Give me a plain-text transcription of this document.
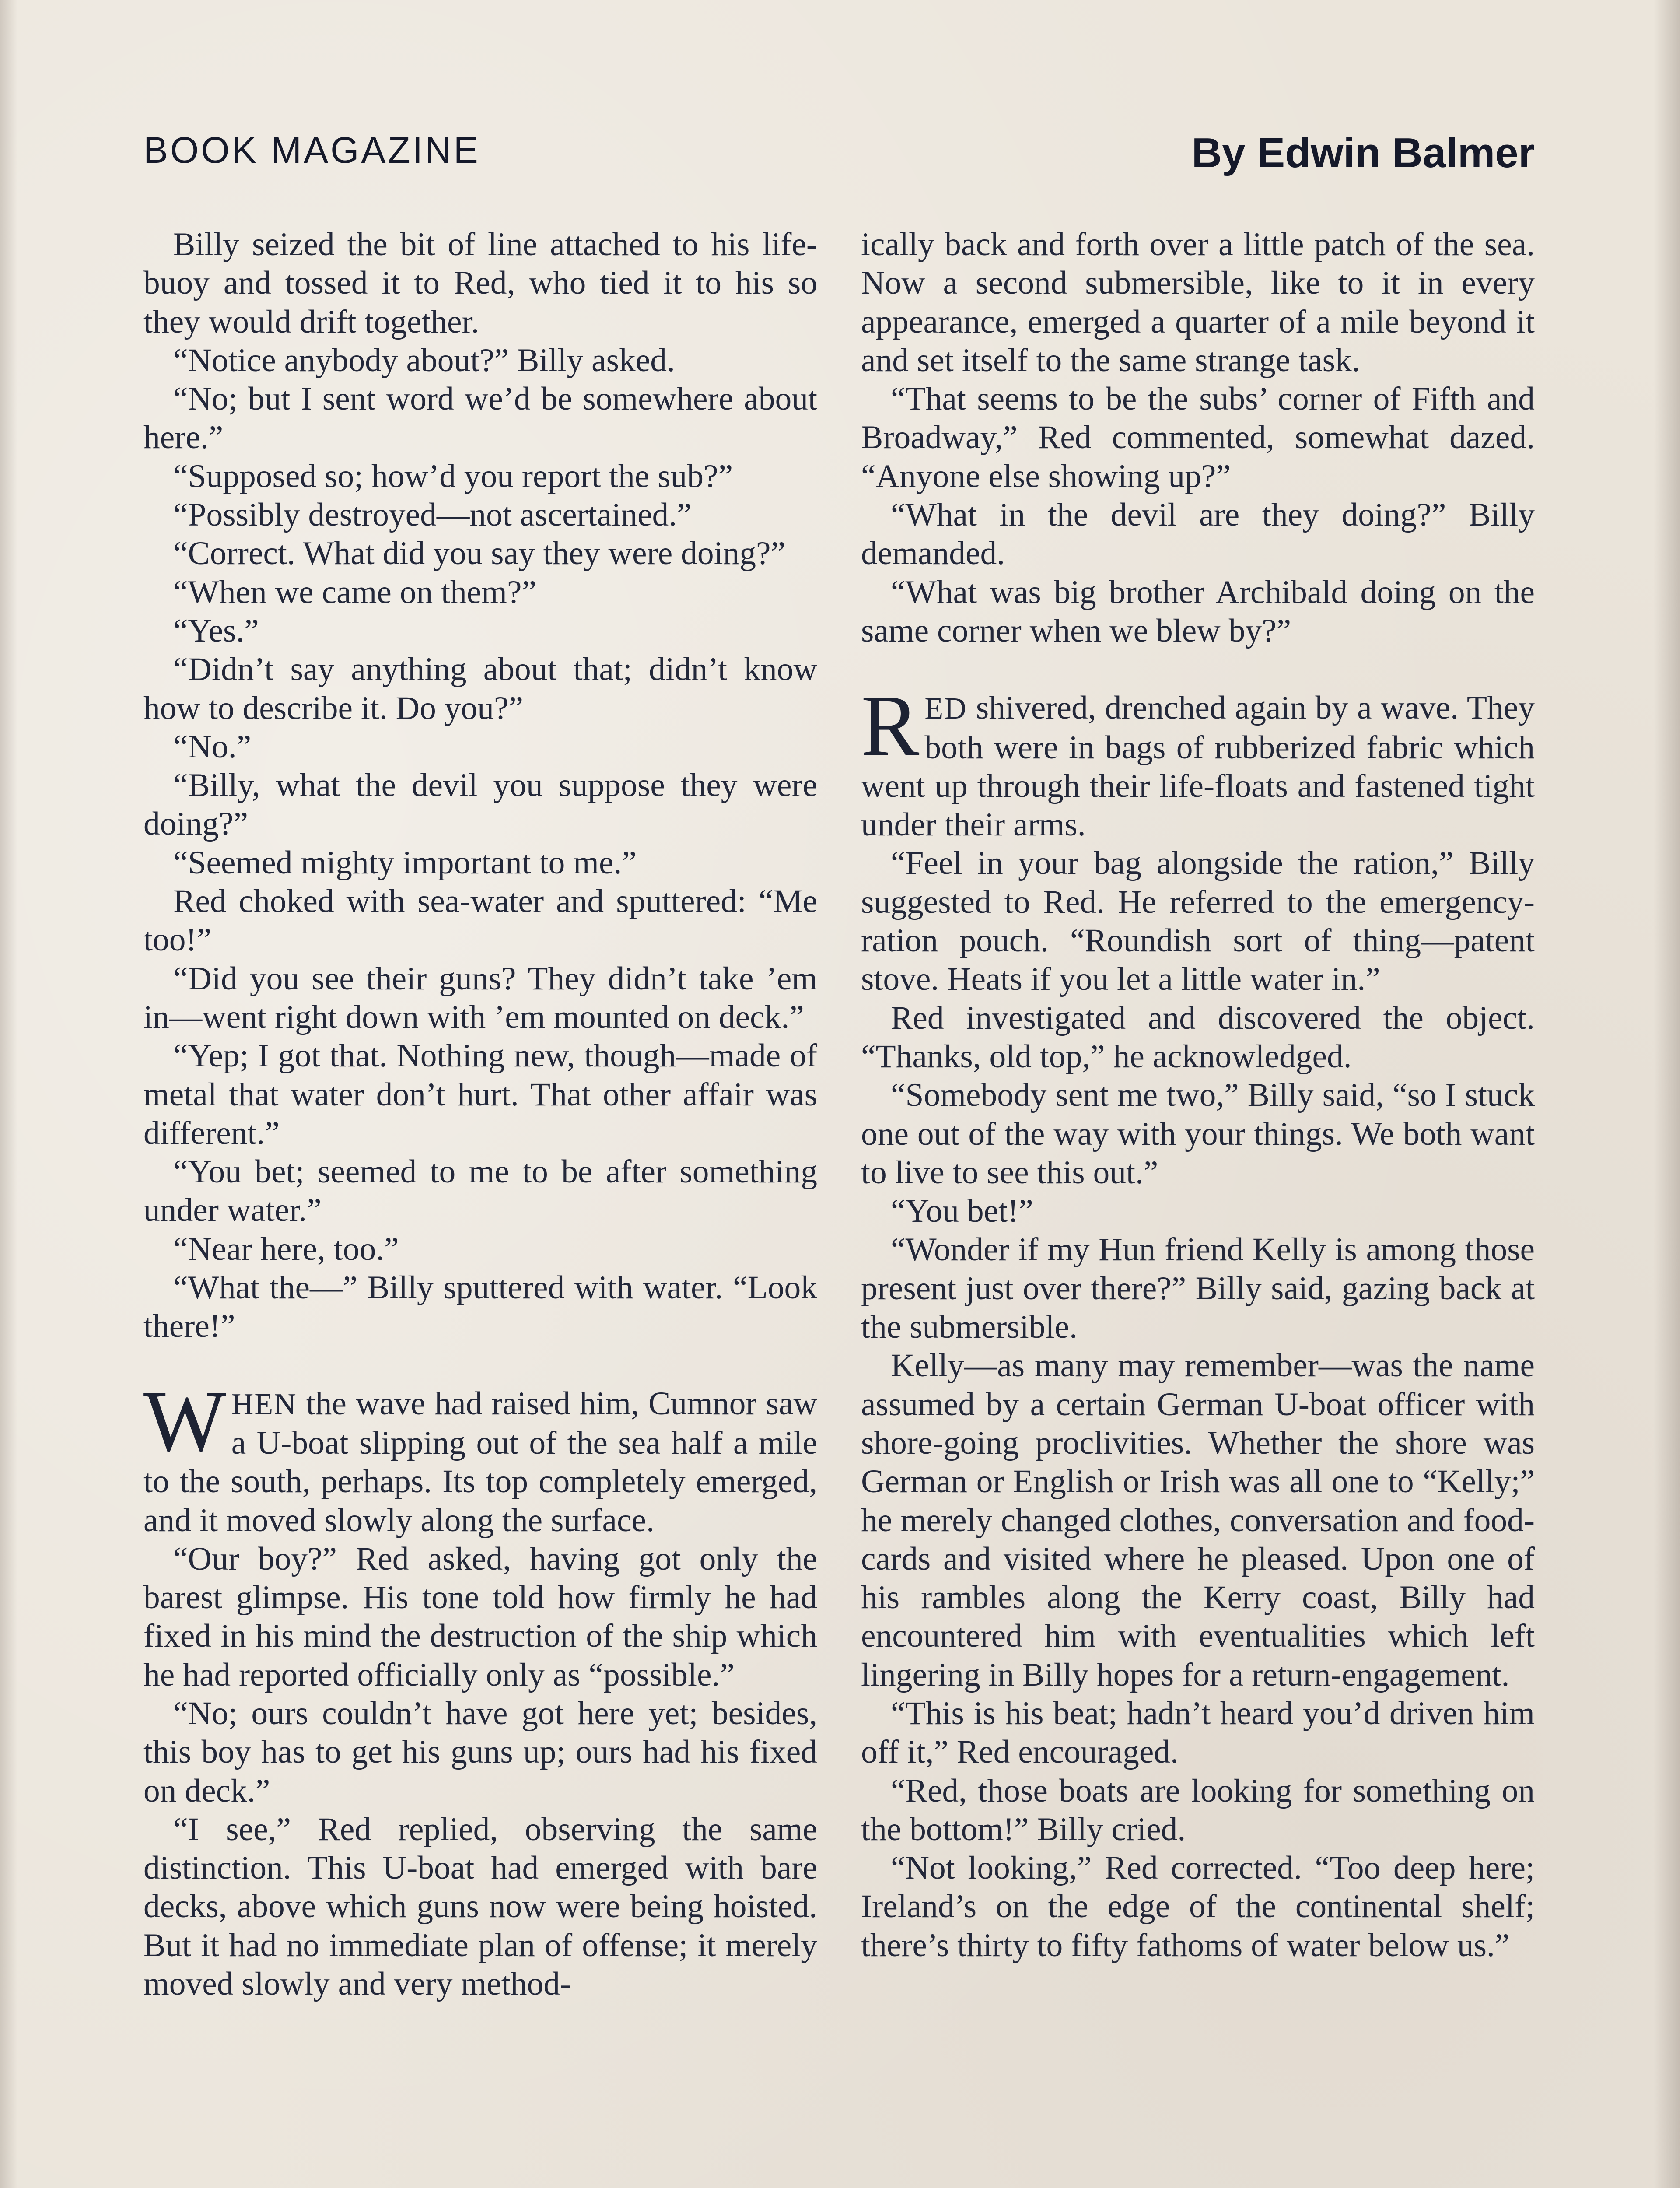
BOOK MAGAZINE	By Edwin Balmer

Billy seized the bit of line attached to his life-buoy and tossed it to Red, who tied it to his so they would drift together.

“Notice anybody about?” Billy asked.

“No; but I sent word we’d be somewhere about here.”

“Supposed so; how’d you report the sub?”

“Possibly destroyed—not ascertained.”

“Correct. What did you say they were doing?”

“When we came on them?”

“Yes.”

“Didn’t say anything about that; didn’t know how to describe it. Do you?”

“No.”

“Billy, what the devil you suppose they were doing?”

“Seemed mighty important to me.”

Red choked with sea-water and sputtered: “Me too!”

“Did you see their guns? They didn’t take ’em in—went right down with ’em mounted on deck.”

“Yep; I got that. Nothing new, though—made of metal that water don’t hurt. That other affair was different.”

“You bet; seemed to me to be after something under water.”

“Near here, too.”

“What the—” Billy sputtered with water. “Look there!”

WHEN the wave had raised him, Cumnor saw a U-boat slipping out of the sea half a mile to the south, perhaps. Its top completely emerged, and it moved slowly along the surface.

“Our boy?” Red asked, having got only the barest glimpse. His tone told how firmly he had fixed in his mind the destruction of the ship which he had reported officially only as “possible.”

“No; ours couldn’t have got here yet; besides, this boy has to get his guns up; ours had his fixed on deck.”

“I see,” Red replied, observing the same distinction. This U-boat had emerged with bare decks, above which guns now were being hoisted. But it had no immediate plan of offense; it merely moved slowly and very method-

ically back and forth over a little patch of the sea. Now a second submersible, like to it in every appearance, emerged a quarter of a mile beyond it and set itself to the same strange task.

“That seems to be the subs’ corner of Fifth and Broadway,” Red commented, somewhat dazed. “Anyone else showing up?”

“What in the devil are they doing?” Billy demanded.

“What was big brother Archibald doing on the same corner when we blew by?”

RED shivered, drenched again by a wave. They both were in bags of rubberized fabric which went up through their life-floats and fastened tight under their arms.

“Feel in your bag alongside the ration,” Billy suggested to Red. He referred to the emergency-ration pouch. “Roundish sort of thing—patent stove. Heats if you let a little water in.”

Red investigated and discovered the object. “Thanks, old top,” he acknowledged.

“Somebody sent me two,” Billy said, “so I stuck one out of the way with your things. We both want to live to see this out.”

“You bet!”

“Wonder if my Hun friend Kelly is among those present just over there?” Billy said, gazing back at the submersible.

Kelly—as many may remember—was the name assumed by a certain German U-boat officer with shore-going proclivities. Whether the shore was German or English or Irish was all one to “Kelly;” he merely changed clothes, conversation and food-cards and visited where he pleased. Upon one of his rambles along the Kerry coast, Billy had encountered him with eventualities which left lingering in Billy hopes for a return-engagement.

“This is his beat; hadn’t heard you’d driven him off it,” Red encouraged.

“Red, those boats are looking for something on the bottom!” Billy cried.

“Not looking,” Red corrected. “Too deep here; Ireland’s on the edge of the continental shelf; there’s thirty to fifty fathoms of water below us.”
